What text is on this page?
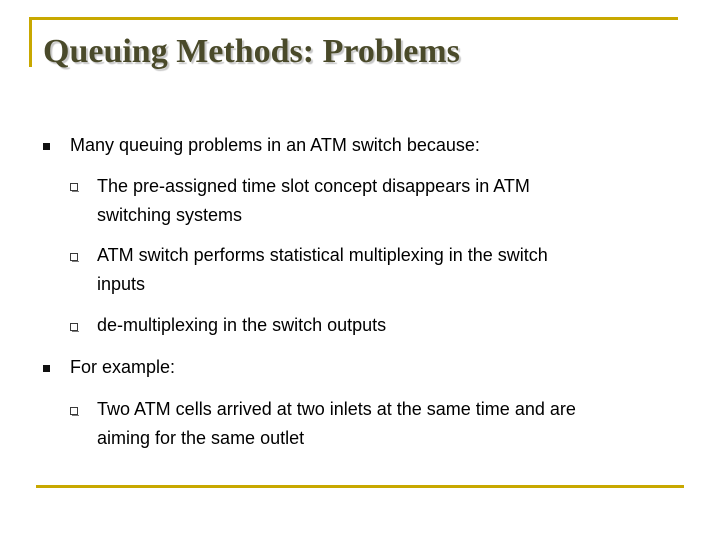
Queuing Methods: Problems
Many queuing problems in an ATM switch because:
The pre-assigned time slot concept disappears in ATM
switching systems
ATM switch performs statistical multiplexing in the switch
inputs
de-multiplexing in the switch outputs
For example:
Two ATM cells arrived at two inlets at the same time and are
aiming for the same outlet
